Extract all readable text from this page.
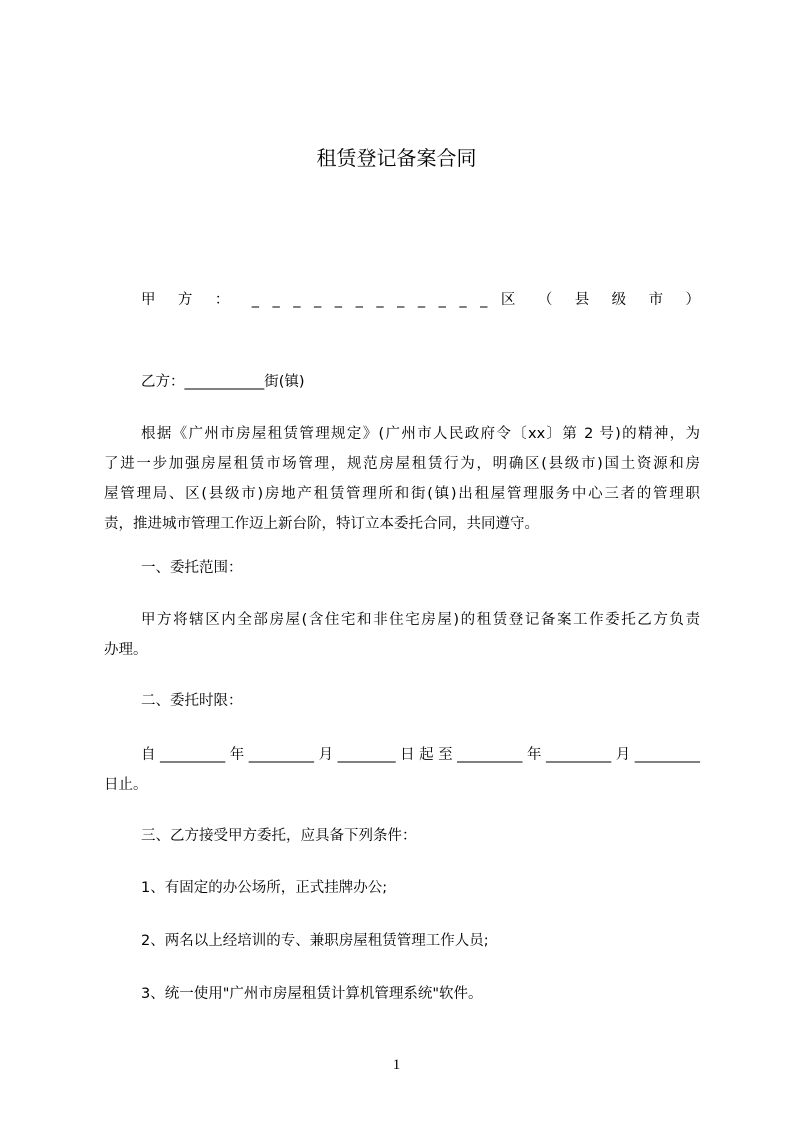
租赁登记备案合同
甲 方 ： _ _ _ _ _ _ _ _ _ _ _ _ 区 （ 县 级 市 ）
乙方：___________街(镇)
根据《广州市房屋租赁管理规定》(广州市人民政府令〔xx〕第 2 号)的精神，为
了进一步加强房屋租赁市场管理，规范房屋租赁行为，明确区(县级市)国土资源和房
屋管理局、区(县级市)房地产租赁管理所和街(镇)出租屋管理服务中心三者的管理职
责，推进城市管理工作迈上新台阶，特订立本委托合同，共同遵守。
一、委托范围：
甲方将辖区内全部房屋(含住宅和非住宅房屋)的租赁登记备案工作委托乙方负责
办理。
二、委托时限：
自_________年_________月________日起至_________年_________月_________
日止。
三、乙方接受甲方委托，应具备下列条件：
1、有固定的办公场所，正式挂牌办公;
2、两名以上经培训的专、兼职房屋租赁管理工作人员;
3、统一使用"广州市房屋租赁计算机管理系统"软件。
1
